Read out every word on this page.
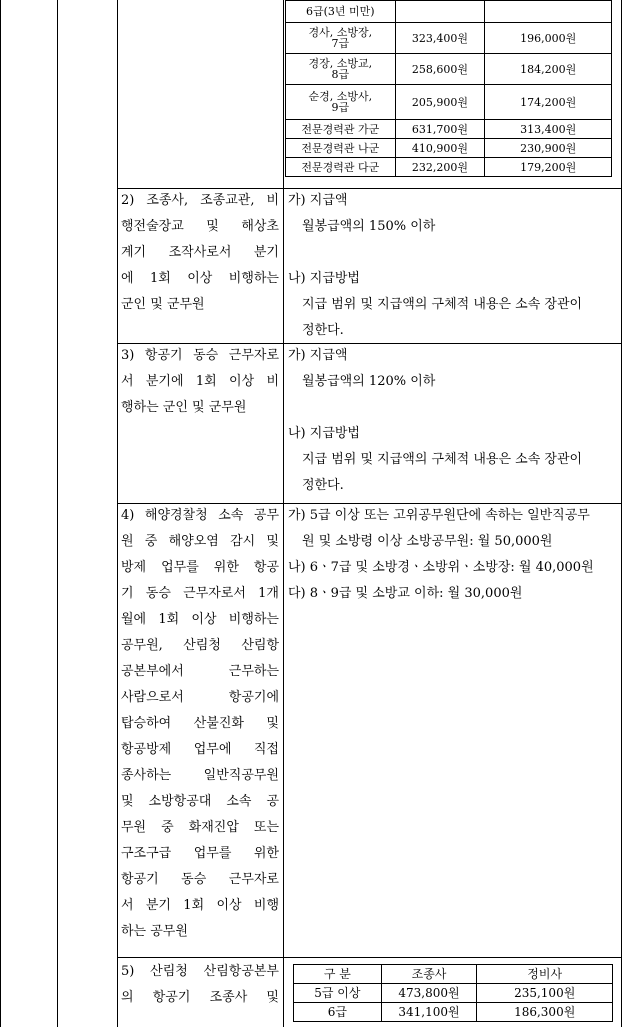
6급(3년 미만)		

경사, 소방장,
7급	323,400원	196,000원

경장, 소방교,
8급	258,600원	184,200원

순경, 소방사,
9급	205,900원	174,200원

전문경력관 가군	631,700원	313,400원

전문경력관 나군	410,900원	230,900원

전문경력관 다군	232,200원	179,200원
2) 조종사, 조종교관, 비
행전술장교 및 해상초
계기 조작사로서 분기
에 1회 이상 비행하는
군인 및 군무원
가) 지급액
월봉급액의 150% 이하
나) 지급방법
지급 범위 및 지급액의 구체적 내용은 소속 장관이
정한다.
3) 항공기 동승 근무자로
서 분기에 1회 이상 비
행하는 군인 및 군무원
가) 지급액
월봉급액의 120% 이하
나) 지급방법
지급 범위 및 지급액의 구체적 내용은 소속 장관이
정한다.
4) 해양경찰청 소속 공무
원 중 해양오염 감시 및
방제 업무를 위한 항공
기 동승 근무자로서 1개
월에 1회 이상 비행하는
공무원, 산림청 산림항
공본부에서 근무하는
사람으로서 항공기에
탑승하여 산불진화 및
항공방제 업무에 직접
종사하는 일반직공무원
및 소방항공대 소속 공
무원 중 화재진압 또는
구조구급 업무를 위한
항공기 동승 근무자로
서 분기 1회 이상 비행
하는 공무원
가) 5급 이상 또는 고위공무원단에 속하는 일반직공무
원 및 소방령 이상 소방공무원: 월 50,000원
나) 6ㆍ7급 및 소방경ㆍ소방위ㆍ소방장: 월 40,000원
다) 8ㆍ9급 및 소방교 이하: 월 30,000원
5) 산림청 산림항공본부
의 항공기 조종사 및
구 분	조종사	정비사
5급 이상	473,800원	235,100원
6급	341,100원	186,300원
